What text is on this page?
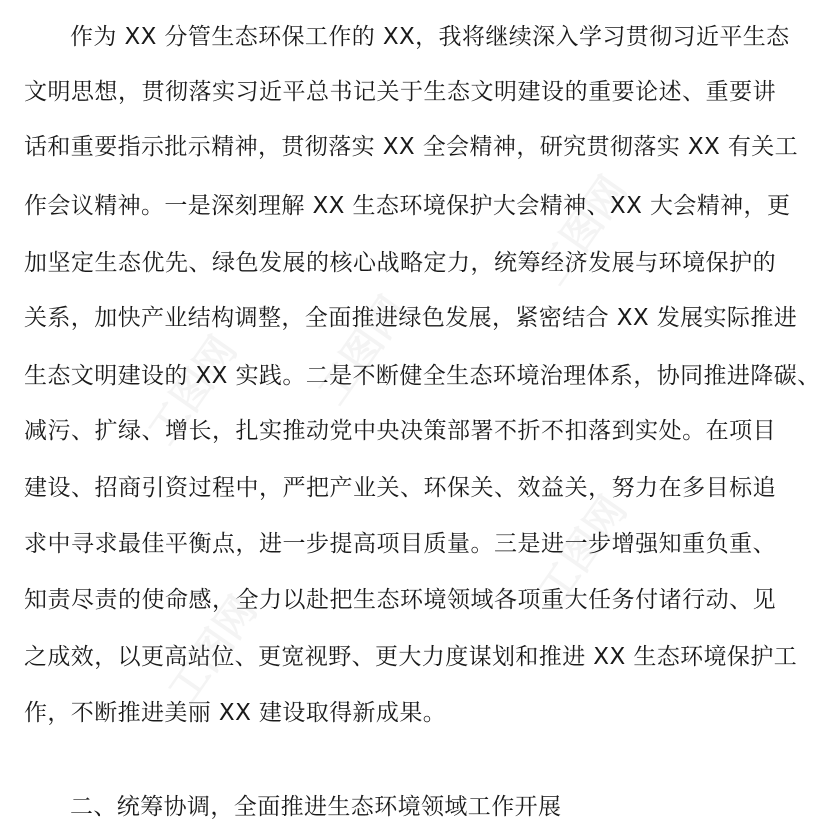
工图网 工图网
工图网
工图网
工图网
作为 XX 分管生态环保工作的 XX，我将继续深入学习贯彻习近平生态
文明思想，贯彻落实习近平总书记关于生态文明建设的重要论述、重要讲
话和重要指示批示精神，贯彻落实 XX 全会精神，研究贯彻落实 XX 有关工
作会议精神。一是深刻理解 XX 生态环境保护大会精神、XX 大会精神，更
加坚定生态优先、绿色发展的核心战略定力，统筹经济发展与环境保护的
关系，加快产业结构调整，全面推进绿色发展，紧密结合 XX 发展实际推进
生态文明建设的 XX 实践。二是不断健全生态环境治理体系，协同推进降碳、
减污、扩绿、增长，扎实推动党中央决策部署不折不扣落到实处。在项目
建设、招商引资过程中，严把产业关、环保关、效益关，努力在多目标追
求中寻求最佳平衡点，进一步提高项目质量。三是进一步增强知重负重、
知责尽责的使命感，全力以赴把生态环境领域各项重大任务付诸行动、见
之成效，以更高站位、更宽视野、更大力度谋划和推进 XX 生态环境保护工
作，不断推进美丽 XX 建设取得新成果。
二、统筹协调，全面推进生态环境领域工作开展
